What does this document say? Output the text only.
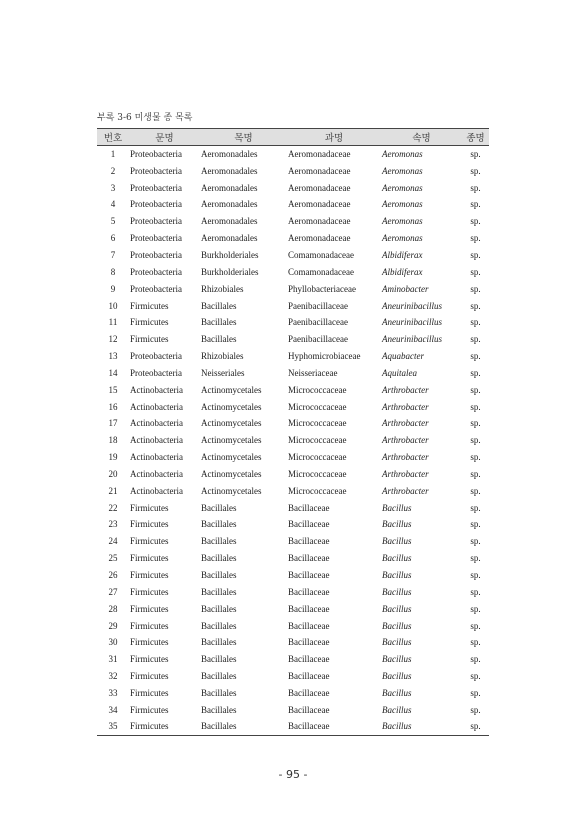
부록 3-6 미생물 종 목록
번호	문명	목명	과명	속명	종명
1	Proteobacteria	Aeromonadales	Aeromonadaceae	Aeromonas	sp.
2	Proteobacteria	Aeromonadales	Aeromonadaceae	Aeromonas	sp.
3	Proteobacteria	Aeromonadales	Aeromonadaceae	Aeromonas	sp.
4	Proteobacteria	Aeromonadales	Aeromonadaceae	Aeromonas	sp.
5	Proteobacteria	Aeromonadales	Aeromonadaceae	Aeromonas	sp.
6	Proteobacteria	Aeromonadales	Aeromonadaceae	Aeromonas	sp.
7	Proteobacteria	Burkholderiales	Comamonadaceae	Albidiferax	sp.
8	Proteobacteria	Burkholderiales	Comamonadaceae	Albidiferax	sp.
9	Proteobacteria	Rhizobiales	Phyllobacteriaceae	Aminobacter	sp.
10	Firmicutes	Bacillales	Paenibacillaceae	Aneurinibacillus	sp.
11	Firmicutes	Bacillales	Paenibacillaceae	Aneurinibacillus	sp.
12	Firmicutes	Bacillales	Paenibacillaceae	Aneurinibacillus	sp.
13	Proteobacteria	Rhizobiales	Hyphomicrobiaceae	Aquabacter	sp.
14	Proteobacteria	Neisseriales	Neisseriaceae	Aquitalea	sp.
15	Actinobacteria	Actinomycetales	Micrococcaceae	Arthrobacter	sp.
16	Actinobacteria	Actinomycetales	Micrococcaceae	Arthrobacter	sp.
17	Actinobacteria	Actinomycetales	Micrococcaceae	Arthrobacter	sp.
18	Actinobacteria	Actinomycetales	Micrococcaceae	Arthrobacter	sp.
19	Actinobacteria	Actinomycetales	Micrococcaceae	Arthrobacter	sp.
20	Actinobacteria	Actinomycetales	Micrococcaceae	Arthrobacter	sp.
21	Actinobacteria	Actinomycetales	Micrococcaceae	Arthrobacter	sp.
22	Firmicutes	Bacillales	Bacillaceae	Bacillus	sp.
23	Firmicutes	Bacillales	Bacillaceae	Bacillus	sp.
24	Firmicutes	Bacillales	Bacillaceae	Bacillus	sp.
25	Firmicutes	Bacillales	Bacillaceae	Bacillus	sp.
26	Firmicutes	Bacillales	Bacillaceae	Bacillus	sp.
27	Firmicutes	Bacillales	Bacillaceae	Bacillus	sp.
28	Firmicutes	Bacillales	Bacillaceae	Bacillus	sp.
29	Firmicutes	Bacillales	Bacillaceae	Bacillus	sp.
30	Firmicutes	Bacillales	Bacillaceae	Bacillus	sp.
31	Firmicutes	Bacillales	Bacillaceae	Bacillus	sp.
32	Firmicutes	Bacillales	Bacillaceae	Bacillus	sp.
33	Firmicutes	Bacillales	Bacillaceae	Bacillus	sp.
34	Firmicutes	Bacillales	Bacillaceae	Bacillus	sp.
35	Firmicutes	Bacillales	Bacillaceae	Bacillus	sp.
- 95 -
